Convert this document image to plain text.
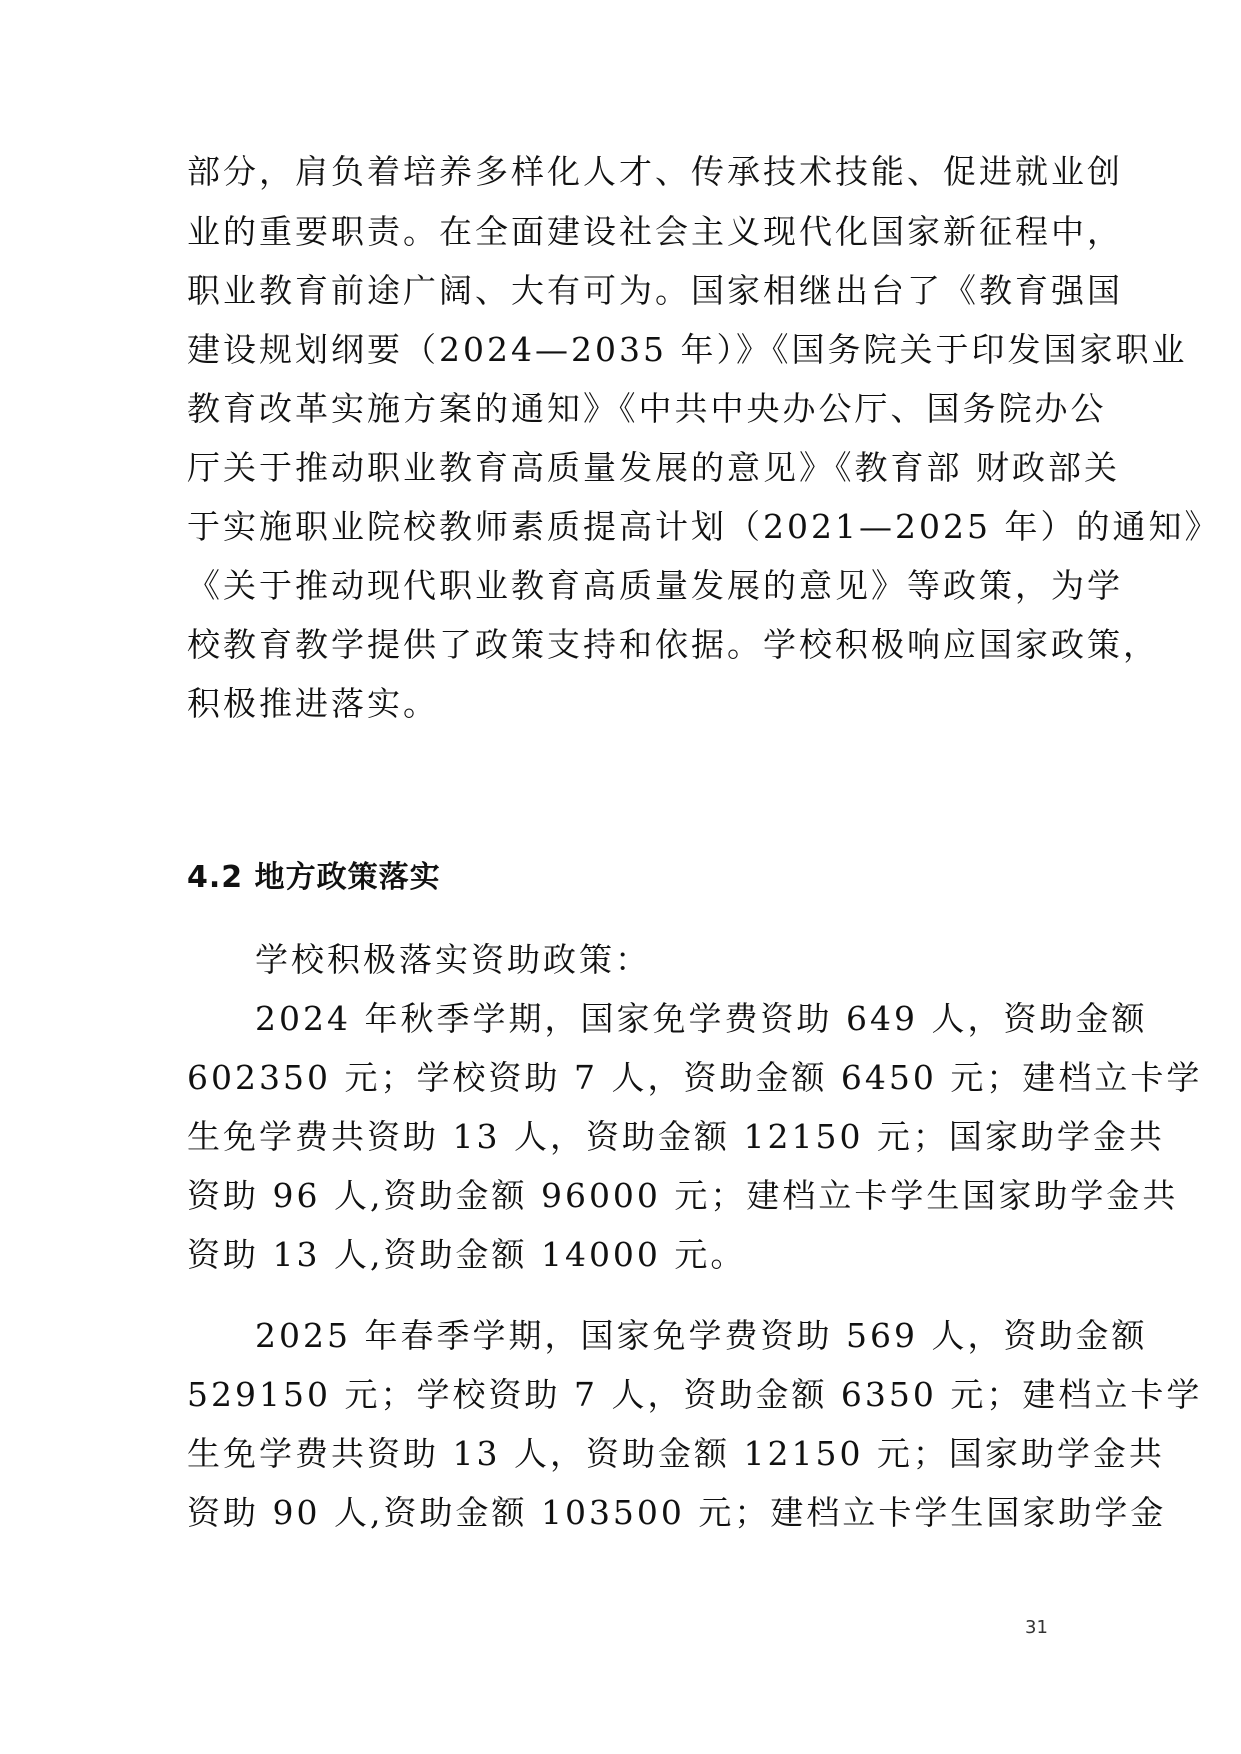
部分，肩负着培养多样化人才、传承技术技能、促进就业创
业的重要职责。在全面建设社会主义现代化国家新征程中，
职业教育前途广阔、大有可为。国家相继出台了《教育强国
建设规划纲要（2024—2035 年）》《国务院关于印发国家职业
教育改革实施方案的通知》《中共中央办公厅、国务院办公
厅关于推动职业教育高质量发展的意见》《教育部 财政部关
于实施职业院校教师素质提高计划（2021—2025 年）的通知》
《关于推动现代职业教育高质量发展的意见》等政策，为学
校教育教学提供了政策支持和依据。学校积极响应国家政策，
积极推进落实。
4.2 地方政策落实
学校积极落实资助政策：
2024 年秋季学期，国家免学费资助 649 人，资助金额
602350 元；学校资助 7 人，资助金额 6450 元；建档立卡学
生免学费共资助 13 人，资助金额 12150 元；国家助学金共
资助 96 人,资助金额 96000 元；建档立卡学生国家助学金共
资助 13 人,资助金额 14000 元。
2025 年春季学期，国家免学费资助 569 人，资助金额
529150 元；学校资助 7 人，资助金额 6350 元；建档立卡学
生免学费共资助 13 人，资助金额 12150 元；国家助学金共
资助 90 人,资助金额 103500 元；建档立卡学生国家助学金
31
